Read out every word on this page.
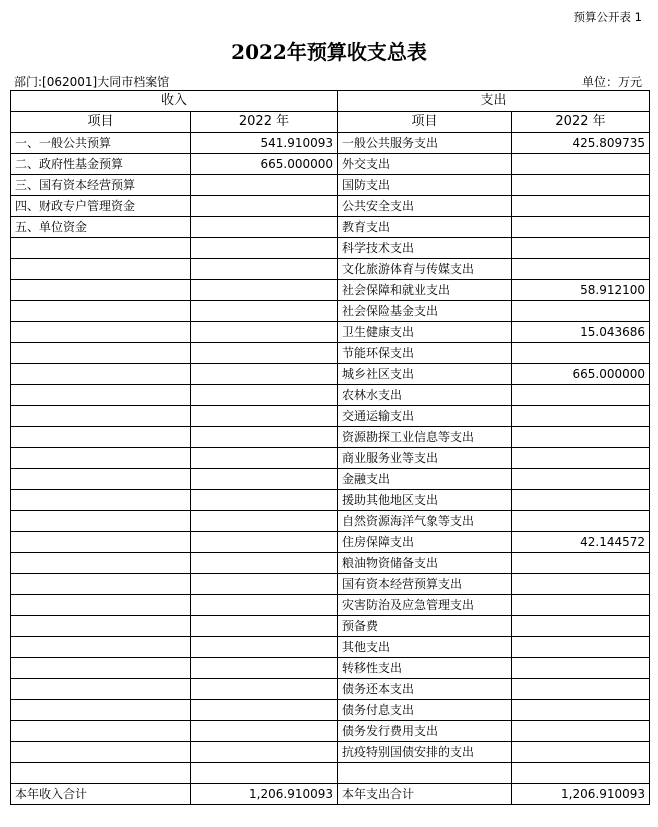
预算公开表 1
2022年预算收支总表
部门:[062001]大同市档案馆	单位：万元
收入		支出	
项目	2022 年	项目	2022 年
一、一般公共预算	541.910093	一般公共服务支出	425.809735
二、政府性基金预算	665.000000	外交支出	
三、国有资本经营预算		国防支出	
四、财政专户管理资金		公共安全支出	
五、单位资金		教育支出	
		科学技术支出	
		文化旅游体育与传媒支出	
		社会保障和就业支出	58.912100
		社会保险基金支出	
		卫生健康支出	15.043686
		节能环保支出	
		城乡社区支出	665.000000
		农林水支出	
		交通运输支出	
		资源勘探工业信息等支出	
		商业服务业等支出	
		金融支出	
		援助其他地区支出	
		自然资源海洋气象等支出	
		住房保障支出	42.144572
		粮油物资储备支出	
		国有资本经营预算支出	
		灾害防治及应急管理支出	
		预备费	
		其他支出	
		转移性支出	
		债务还本支出	
		债务付息支出	
		债务发行费用支出	
		抗疫特别国债安排的支出	

本年收入合计	1,206.910093	本年支出合计	1,206.910093
